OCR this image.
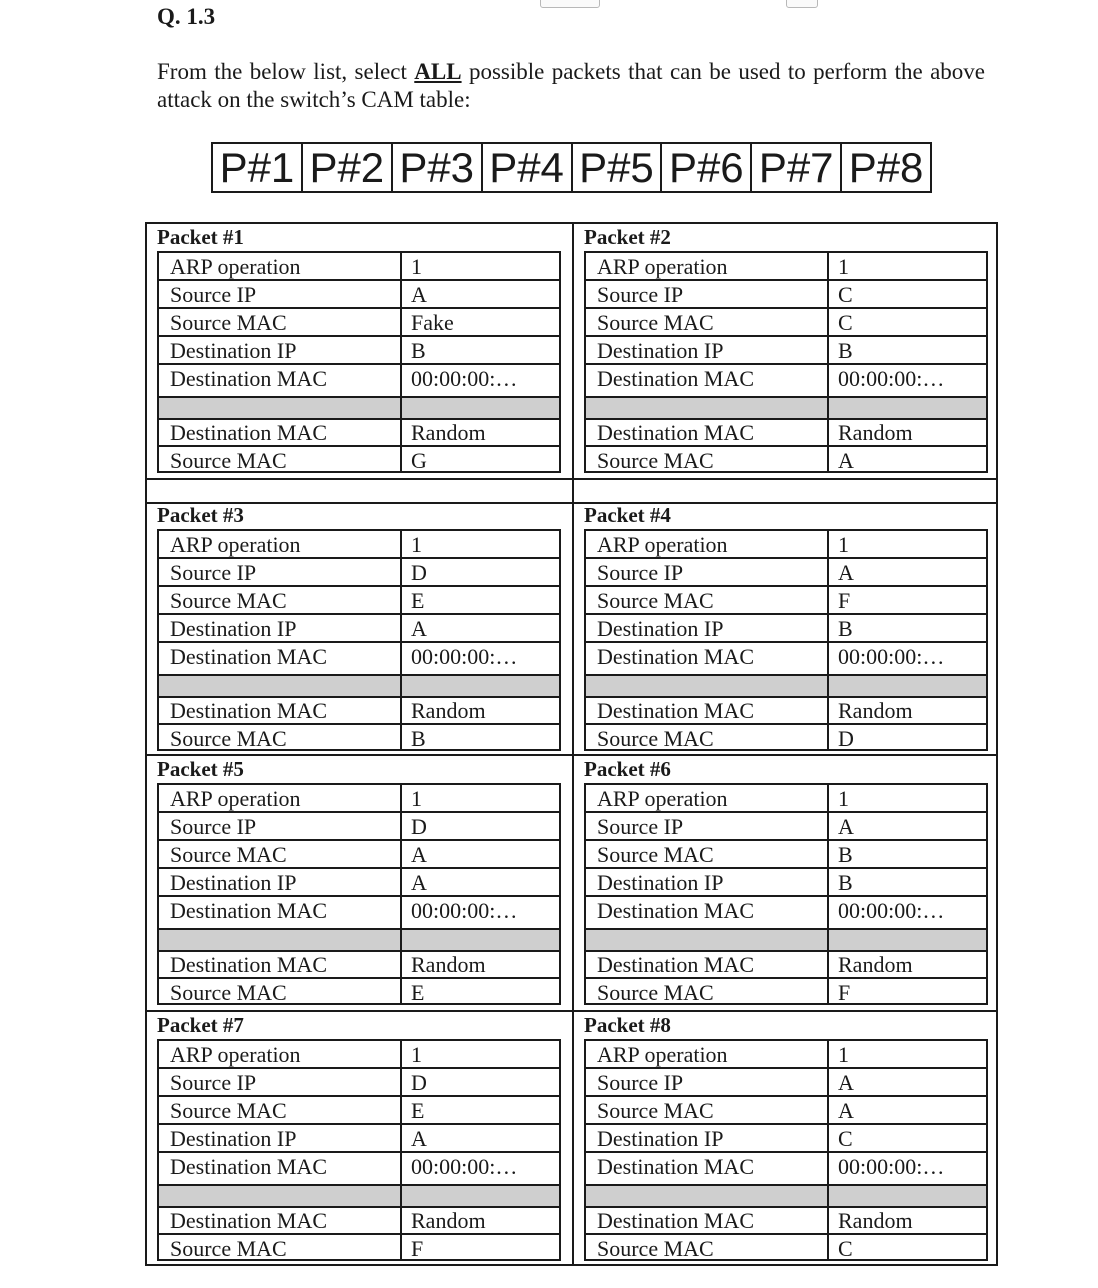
Q. 1.3
From the below list, select ALL possible packets that can be used to perform the above attack on the switch’s CAM table:
P#1 P#2 P#3 P#4 P#5 P#6 P#7 P#8
Packet #1
ARP operation	1
Source IP	A
Source MAC	Fake
Destination IP	B
Destination MAC	00:00:00:…
Destination MAC	Random
Source MAC	G
Packet #2
ARP operation	1
Source IP	C
Source MAC	C
Destination IP	B
Destination MAC	00:00:00:…
Destination MAC	Random
Source MAC	A
Packet #3
ARP operation	1
Source IP	D
Source MAC	E
Destination IP	A
Destination MAC	00:00:00:…
Destination MAC	Random
Source MAC	B
Packet #4
ARP operation	1
Source IP	A
Source MAC	F
Destination IP	B
Destination MAC	00:00:00:…
Destination MAC	Random
Source MAC	D
Packet #5
ARP operation	1
Source IP	D
Source MAC	A
Destination IP	A
Destination MAC	00:00:00:…
Destination MAC	Random
Source MAC	E
Packet #6
ARP operation	1
Source IP	A
Source MAC	B
Destination IP	B
Destination MAC	00:00:00:…
Destination MAC	Random
Source MAC	F
Packet #7
ARP operation	1
Source IP	D
Source MAC	E
Destination IP	A
Destination MAC	00:00:00:…
Destination MAC	Random
Source MAC	F
Packet #8
ARP operation	1
Source IP	A
Source MAC	A
Destination IP	C
Destination MAC	00:00:00:…
Destination MAC	Random
Source MAC	C
